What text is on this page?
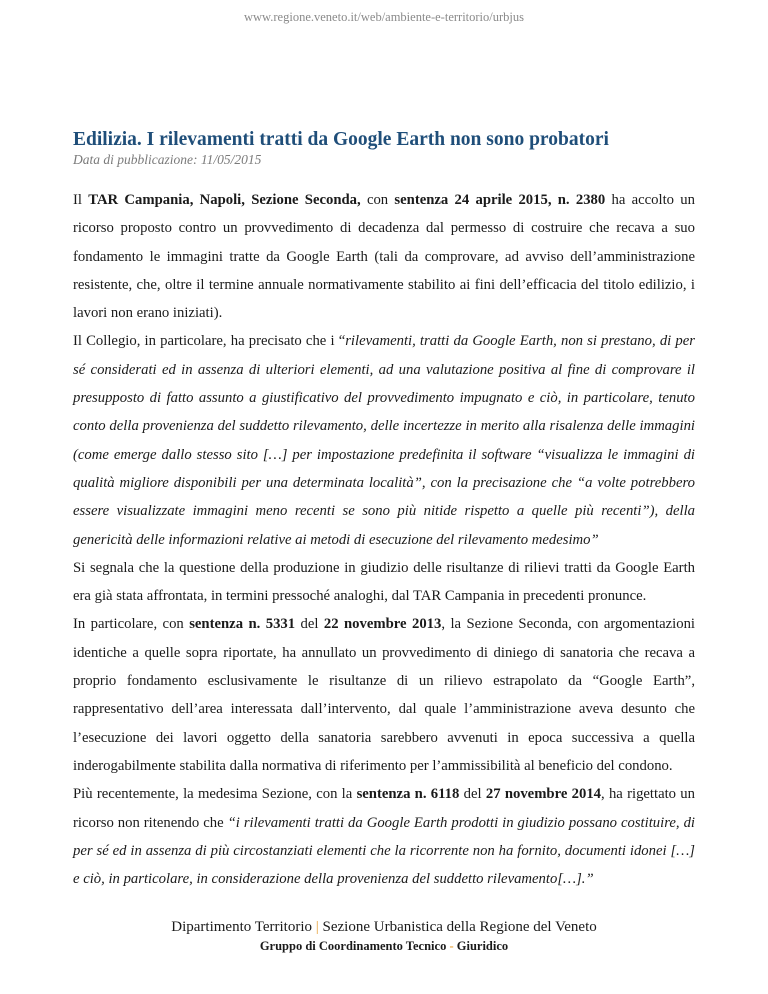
www.regione.veneto.it/web/ambiente-e-territorio/urbjus
Edilizia. I rilevamenti tratti da Google Earth non sono probatori
Data di pubblicazione: 11/05/2015

Il TAR Campania, Napoli, Sezione Seconda, con sentenza 24 aprile 2015, n. 2380 ha accolto un ricorso proposto contro un provvedimento di decadenza dal permesso di costruire che recava a suo fondamento le immagini tratte da Google Earth (tali da comprovare, ad avviso dell’amministrazione resistente, che, oltre il termine annuale normativamente stabilito ai fini dell’efficacia del titolo edilizio, i lavori non erano iniziati).

Il Collegio, in particolare, ha precisato che i “rilevamenti, tratti da Google Earth, non si prestano, di per sé considerati ed in assenza di ulteriori elementi, ad una valutazione positiva al fine di comprovare il presupposto di fatto assunto a giustificativo del provvedimento impugnato e ciò, in particolare, tenuto conto della provenienza del suddetto rilevamento, delle incertezze in merito alla risalenza delle immagini (come emerge dallo stesso sito […] per impostazione predefinita il software “visualizza le immagini di qualità migliore disponibili per una determinata località”, con la precisazione che “a volte potrebbero essere visualizzate immagini meno recenti se sono più nitide rispetto a quelle più recenti”), della genericità delle informazioni relative ai metodi di esecuzione del rilevamento medesimo”

Si segnala che la questione della produzione in giudizio delle risultanze di rilievi tratti da Google Earth era già stata affrontata, in termini pressoché analoghi, dal TAR Campania in precedenti pronunce.

In particolare, con sentenza n. 5331 del 22 novembre 2013, la Sezione Seconda, con argomentazioni identiche a quelle sopra riportate, ha annullato un provvedimento di diniego di sanatoria che recava a proprio fondamento esclusivamente le risultanze di un rilievo estrapolato da “Google Earth”, rappresentativo dell’area interessata dall’intervento, dal quale l’amministrazione aveva desunto che l’esecuzione dei lavori oggetto della sanatoria sarebbero avvenuti in epoca successiva a quella inderogabilmente stabilita dalla normativa di riferimento per l’ammissibilità al beneficio del condono.

Più recentemente, la medesima Sezione, con la sentenza n. 6118 del 27 novembre 2014, ha rigettato un ricorso non ritenendo che “i rilevamenti tratti da Google Earth prodotti in giudizio possano costituire, di per sé ed in assenza di più circostanziati elementi che la ricorrente non ha fornito, documenti idonei […] e ciò, in particolare, in considerazione della provenienza del suddetto rilevamento[…].”

Dipartimento Territorio | Sezione Urbanistica della Regione del Veneto
Gruppo di Coordinamento Tecnico - Giuridico
